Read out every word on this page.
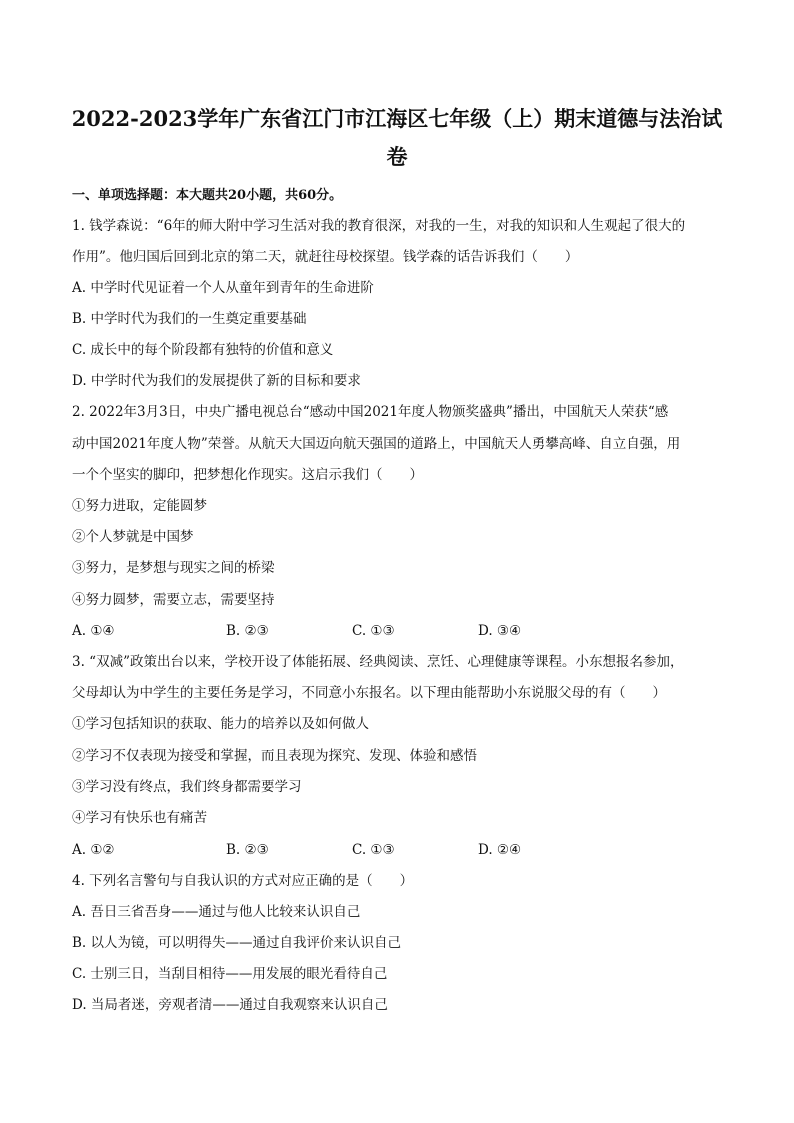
2022-2023学年广东省江门市江海区七年级（上）期末道德与法治试
卷
一、单项选择题：本大题共20小题，共60分。
1. 钱学森说：“6年的师大附中学习生活对我的教育很深，对我的一生，对我的知识和人生观起了很大的
作用”。他归国后回到北京的第二天，就赶往母校探望。钱学森的话告诉我们（　　）
A. 中学时代见证着一个人从童年到青年的生命进阶
B. 中学时代为我们的一生奠定重要基础
C. 成长中的每个阶段都有独特的价值和意义
D. 中学时代为我们的发展提供了新的目标和要求
2. 2022年3月3日，中央广播电视总台“感动中国2021年度人物颁奖盛典”播出，中国航天人荣获“感
动中国2021年度人物”荣誉。从航天大国迈向航天强国的道路上，中国航天人勇攀高峰、自立自强，用
一个个坚实的脚印，把梦想化作现实。这启示我们（　　）
①努力进取，定能圆梦
②个人梦就是中国梦
③努力，是梦想与现实之间的桥梁
④努力圆梦，需要立志，需要坚持
A. ①④	B. ②③	C. ①③	D. ③④
3. “双减”政策出台以来，学校开设了体能拓展、经典阅读、烹饪、心理健康等课程。小东想报名参加，
父母却认为中学生的主要任务是学习，不同意小东报名。以下理由能帮助小东说服父母的有（　　）
①学习包括知识的获取、能力的培养以及如何做人
②学习不仅表现为接受和掌握，而且表现为探究、发现、体验和感悟
③学习没有终点，我们终身都需要学习
④学习有快乐也有痛苦
A. ①②	B. ②③	C. ①③	D. ②④
4. 下列名言警句与自我认识的方式对应正确的是（　　）
A. 吾日三省吾身——通过与他人比较来认识自己
B. 以人为镜，可以明得失——通过自我评价来认识自己
C. 士别三日，当刮目相待——用发展的眼光看待自己
D. 当局者迷，旁观者清——通过自我观察来认识自己
